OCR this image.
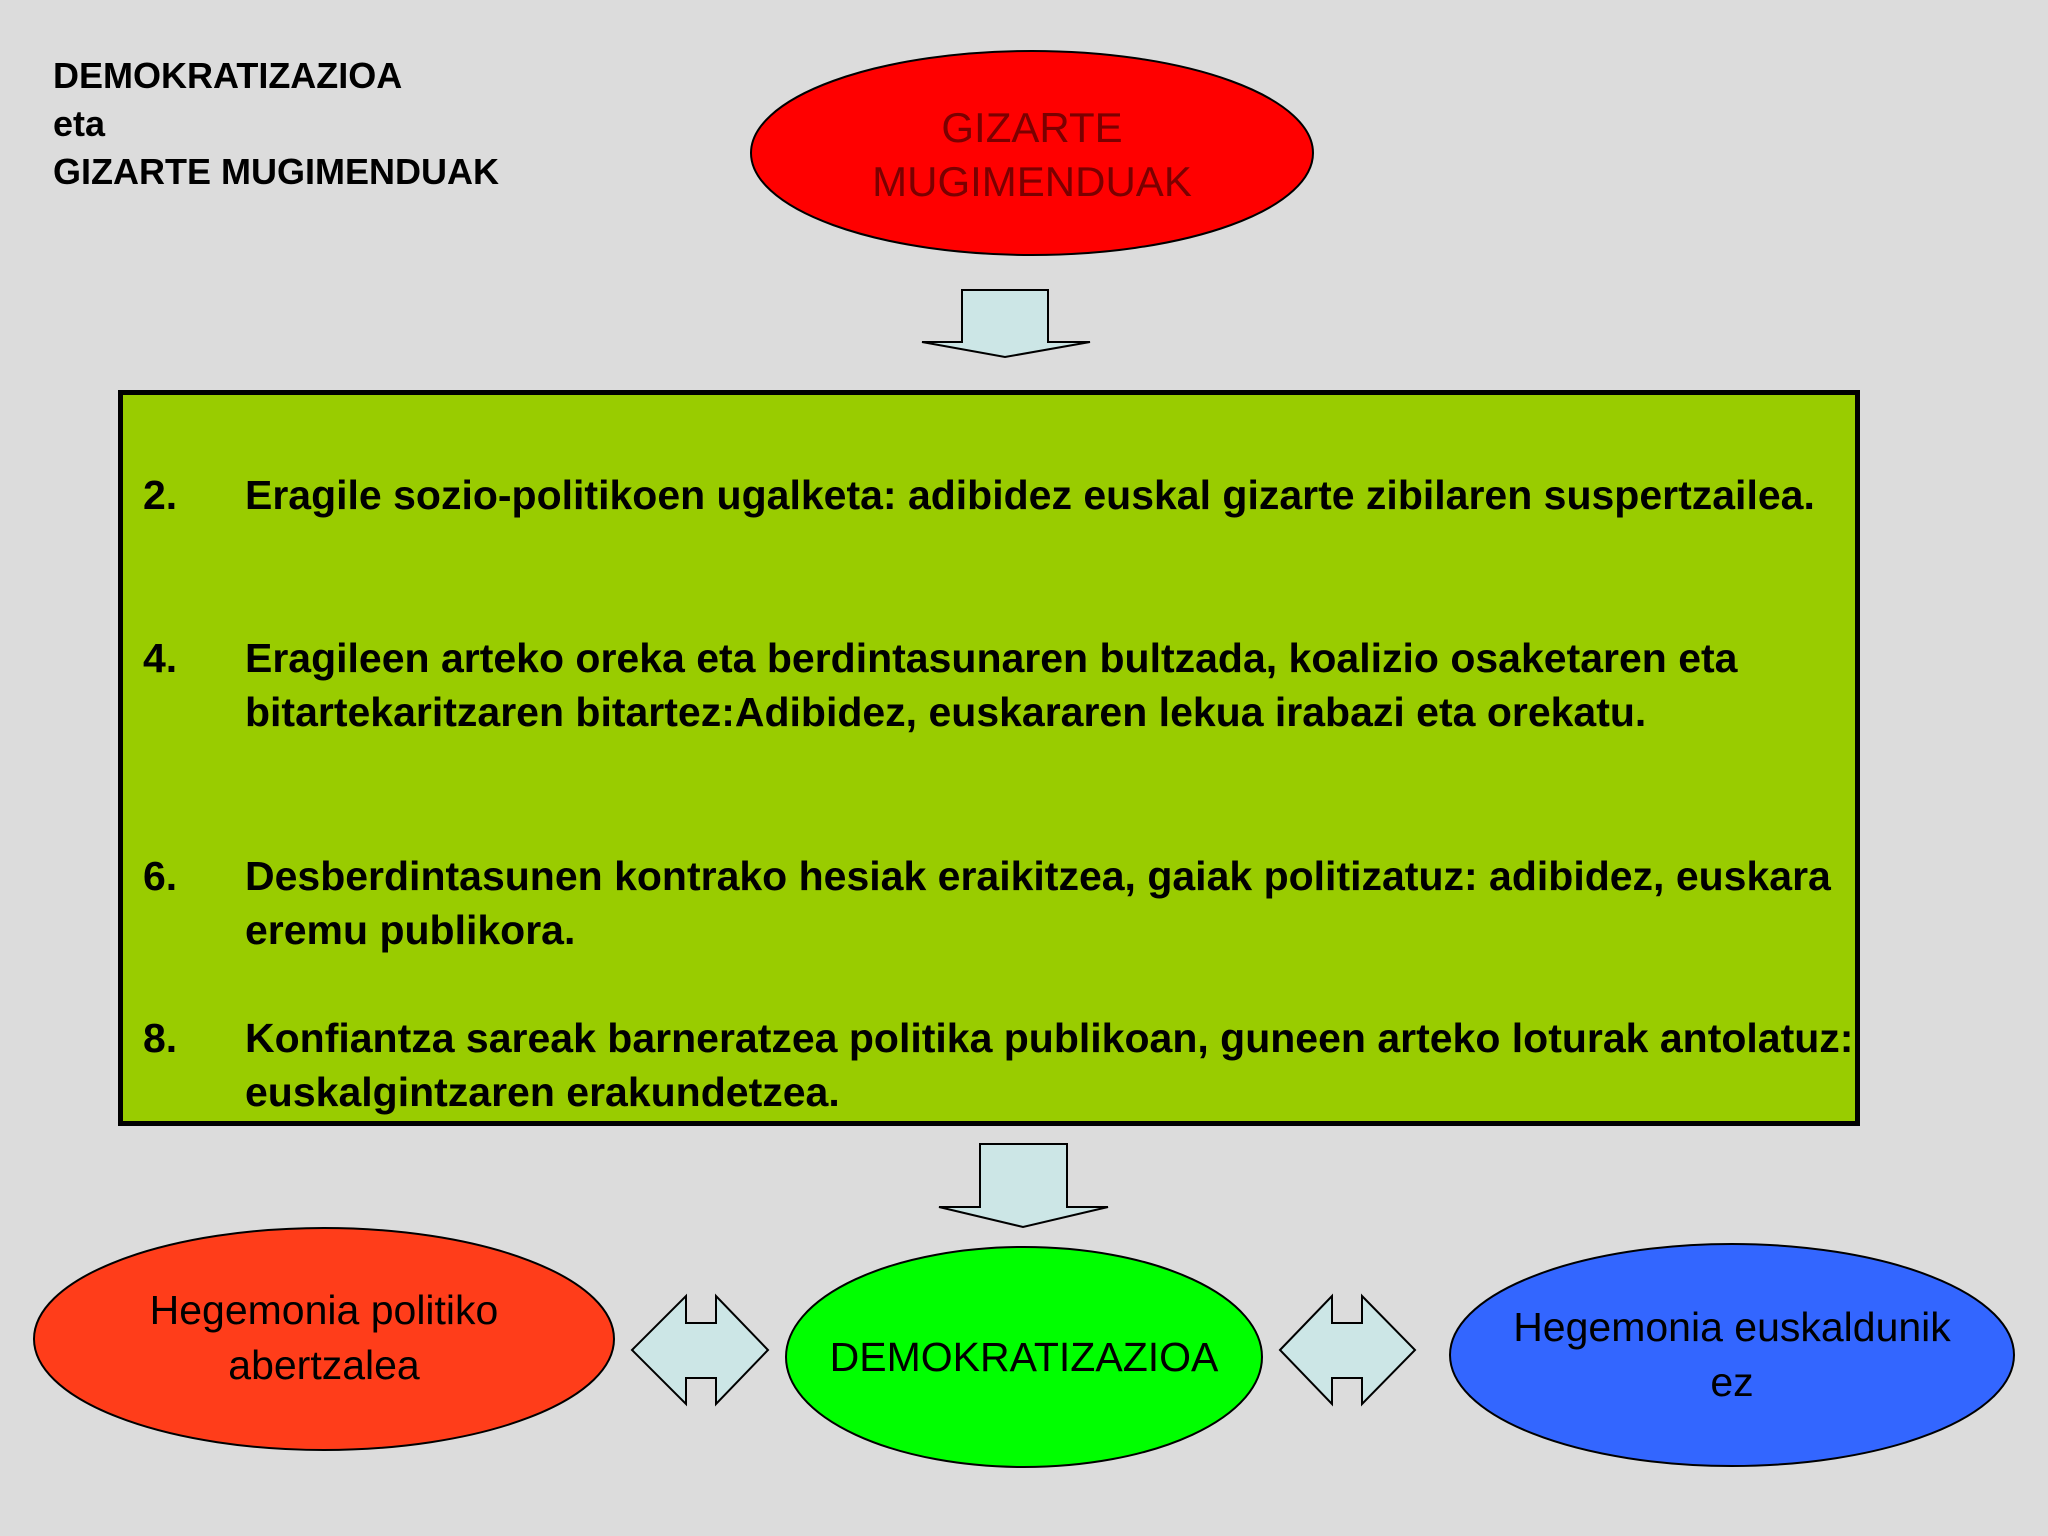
DEMOKRATIZAZIOA
eta
GIZARTE MUGIMENDUAK
GIZARTE
MUGIMENDUAK
2. Eragile sozio-politikoen ugalketa: adibidez euskal gizarte zibilaren suspertzailea.
4. Eragileen arteko oreka eta berdintasunaren bultzada, koalizio osaketaren eta bitartekaritzaren bitartez:Adibidez, euskararen lekua irabazi eta orekatu.
6. Desberdintasunen kontrako hesiak eraikitzea, gaiak politizatuz: adibidez, euskara eremu publikora.
8. Konfiantza sareak barneratzea politika publikoan, guneen arteko loturak antolatuz: euskalgintzaren erakundetzea.
Hegemonia politiko
abertzalea	DEMOKRATIZAZIOA
Hegemonia euskaldunik
ez
